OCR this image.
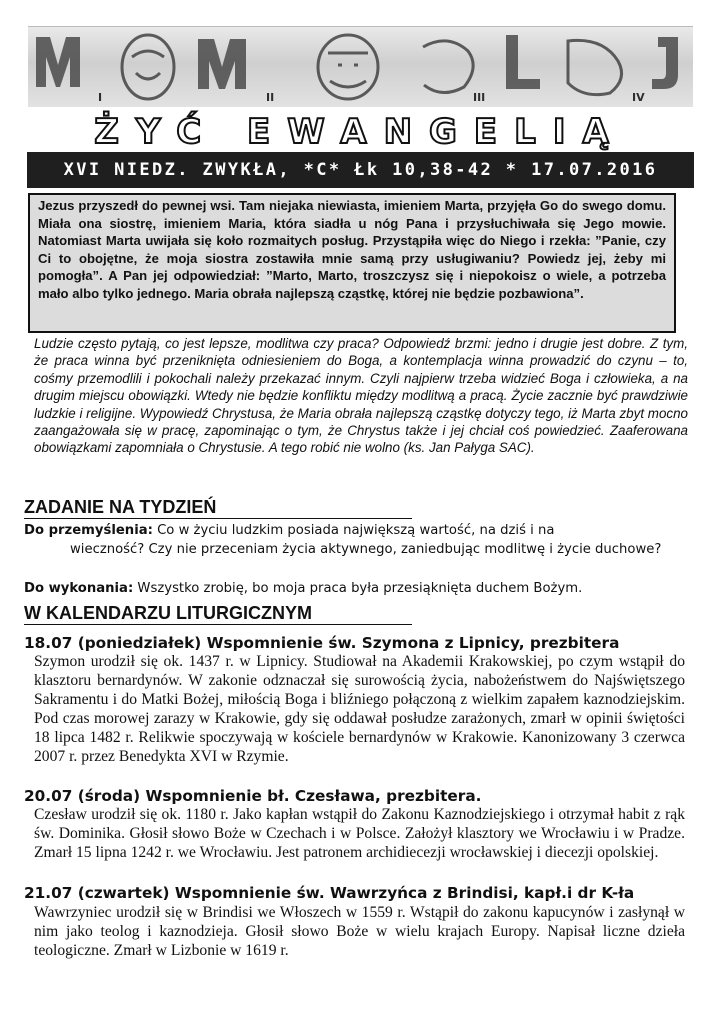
I	II	III	IV
ŻYĆ EWANGELIĄ
XVI NIEDZ. ZWYKŁA, *C* Łk 10,38-42 * 17.07.2016
Jezus przyszedł do pewnej wsi. Tam niejaka niewiasta, imieniem Marta, przyjęła Go do swego domu. Miała ona siostrę, imieniem Maria, która siadła u nóg Pana i przysłuchiwała się Jego mowie. Natomiast Marta uwijała się koło rozmaitych posług. Przystąpiła więc do Niego i rzekła: ”Panie, czy Ci to obojętne, że moja siostra zostawiła mnie samą przy usługiwaniu? Powiedz jej, żeby mi pomogła”. A Pan jej odpowiedział: ”Marto, Marto, troszczysz się i niepokoisz o wiele, a potrzeba mało albo tylko jednego. Maria obrała najlepszą cząstkę, której nie będzie pozbawiona”.
Ludzie często pytają, co jest lepsze, modlitwa czy praca? Odpowiedź brzmi: jedno i drugie jest dobre. Z tym, że praca winna być przeniknięta odniesieniem do Boga, a kontemplacja winna prowadzić do czynu – to, cośmy przemodlili i pokochali należy przekazać innym. Czyli najpierw trzeba widzieć Boga i człowieka, a na drugim miejscu obowiązki. Wtedy nie będzie konfliktu między modlitwą a pracą. Życie zacznie być prawdziwie ludzkie i religijne. Wypowiedź Chrystusa, że Maria obrała najlepszą cząstkę dotyczy tego, iż Marta zbyt mocno zaangażowała się w pracę, zapominając o tym, że Chrystus także i jej chciał coś powiedzieć. Zaaferowana obowiązkami zapomniała o Chrystusie. A tego robić nie wolno (ks. Jan Pałyga SAC).
ZADANIE NA TYDZIEŃ
Do przemyślenia: Co w życiu ludzkim posiada największą wartość, na dziś i na
wieczność? Czy nie przeceniam życia aktywnego, zaniedbując modlitwę i życie duchowe?
Do wykonania: Wszystko zrobię, bo moja praca była przesiąknięta duchem Bożym.
W KALENDARZU LITURGICZNYM
18.07 (poniedziałek) Wspomnienie św. Szymona z Lipnicy, prezbitera
Szymon urodził się ok. 1437 r. w Lipnicy. Studiował na Akademii Krakowskiej, po czym wstąpił do klasztoru bernardynów. W zakonie odznaczał się surowością życia, nabożeństwem do Najświętszego Sakramentu i do Matki Bożej, miłością Boga i bliźniego połączoną z wielkim zapałem kaznodziejskim. Pod czas morowej zarazy w Krakowie, gdy się oddawał posłudze zarażonych, zmarł w opinii świętości 18 lipca 1482 r. Relikwie spoczywają w kościele bernardynów w Krakowie. Kanonizowany 3 czerwca 2007 r. przez Benedykta XVI w Rzymie.
20.07 (środa) Wspomnienie bł. Czesława, prezbitera.
Czesław urodził się ok. 1180 r. Jako kapłan wstąpił do Zakonu Kaznodziejskiego i otrzymał habit z rąk św. Dominika. Głosił słowo Boże w Czechach i w Polsce. Założył klasztory we Wrocławiu i w Pradze. Zmarł 15 lipna 1242 r. we Wrocławiu. Jest patronem archidiecezji wrocławskiej i diecezji opolskiej.
21.07 (czwartek) Wspomnienie św. Wawrzyńca z Brindisi, kapł.i dr K-ła
Wawrzyniec urodził się w Brindisi we Włoszech w 1559 r. Wstąpił do zakonu kapucynów i zasłynął w nim jako teolog i kaznodzieja. Głosił słowo Boże w wielu krajach Europy. Napisał liczne dzieła teologiczne. Zmarł w Lizbonie w 1619 r.
